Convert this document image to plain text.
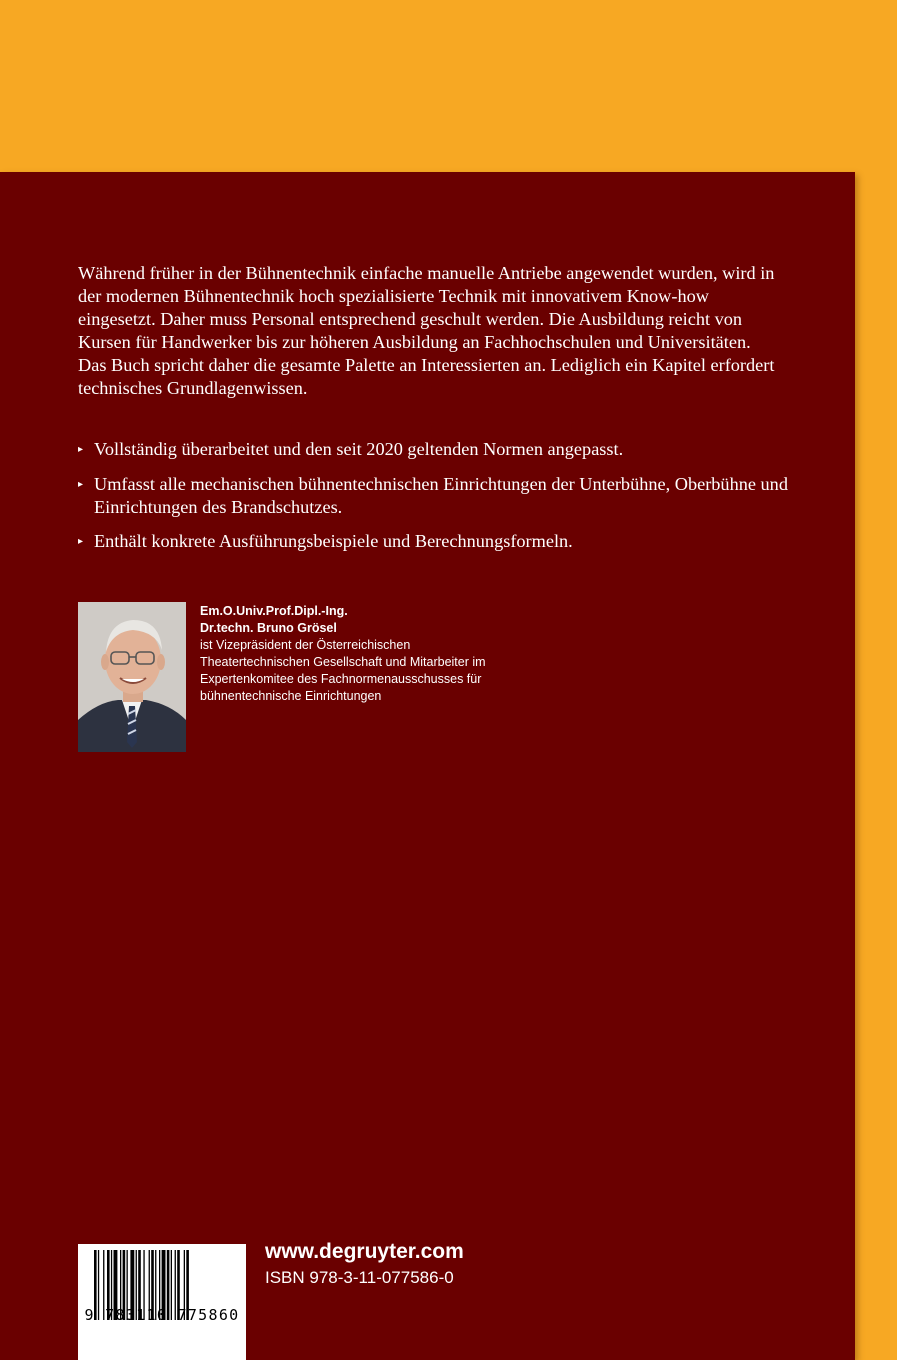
Während früher in der Bühnentechnik einfache manuelle Antriebe angewendet wurden, wird in der modernen Bühnentechnik hoch spezialisierte Technik mit innovativem Know-how eingesetzt. Daher muss Personal entsprechend geschult werden. Die Ausbildung reicht von Kursen für Handwerker bis zur höheren Ausbildung an Fachhochschulen und Universitäten. Das Buch spricht daher die gesamte Palette an Interessierten an. Lediglich ein Kapitel erfordert technisches Grundlagenwissen.

▸ Vollständig überarbeitet und den seit 2020 geltenden Normen angepasst.
▸ Umfasst alle mechanischen bühnentechnischen Einrichtungen der Unterbühne, Oberbühne und Einrichtungen des Brandschutzes.
▸ Enthält konkrete Ausführungsbeispiele und Berechnungsformeln.
Em.O.Univ.Prof.Dipl.-Ing.
Dr.techn. Bruno Grösel
ist Vizepräsident der Österreichischen Theatertechnischen Gesellschaft und Mitarbeiter im Expertenkomitee des Fachnormenausschusses für bühnentechnische Einrichtungen
9 783110 775860
www.degruyter.com
ISBN 978-3-11-077586-0
